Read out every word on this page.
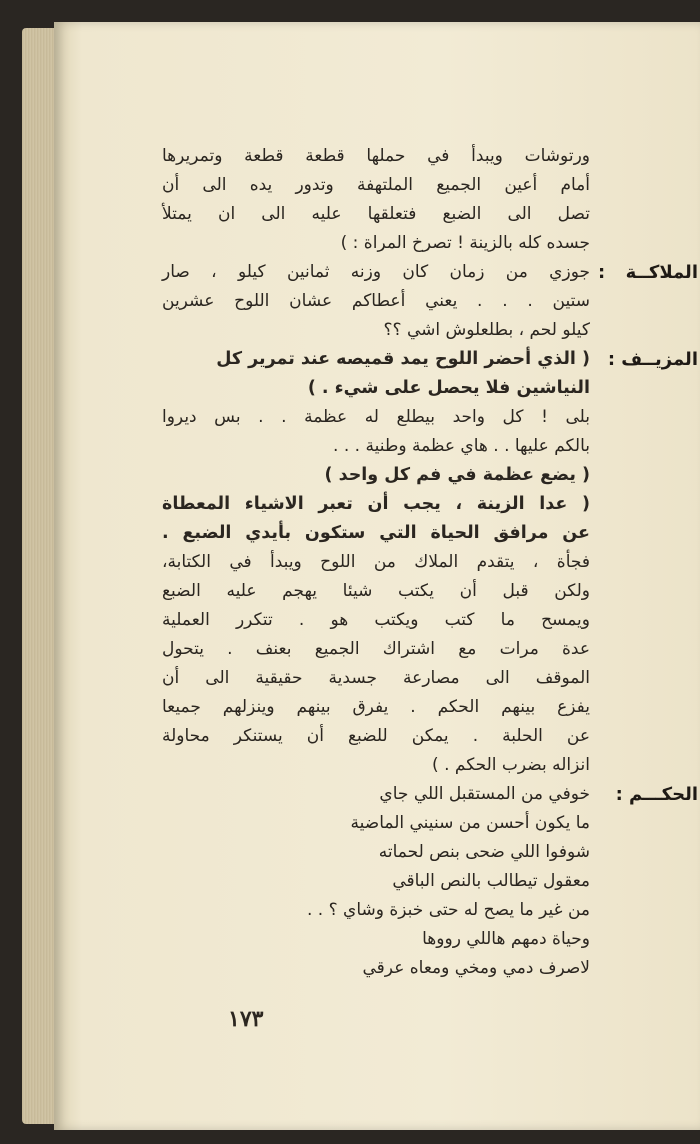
ورتوشات ويبدأ في حملها قطعة قطعة وتمريرها
أمام أعين الجميع الملتهفة وتدور يده الى أن
تصل الى الضبع فتعلقها عليه الى ان يمتلأ
جسده كله بالزينة ! تصرخ المراة : )
الملاكــة :
جوزي من زمان كان وزنه ثمانين كيلو ، صار
ستين . . . يعني أعطاكم عشان اللوح عشرين
كيلو لحم ، بطلعلوش اشي ؟؟
المزيــف :
( الذي أحضر اللوح يمد قميصه عند تمرير كل
النياشين فلا يحصل على شيء . )
بلى ! كل واحد بيطلع له عظمة . . بس ديروا
بالكم عليها . . هاي عظمة وطنية . . .
( يضع عظمة في فم كل واحد )
( عدا الزينة ، يجب أن تعبر الاشياء المعطاة
عن مرافق الحياة التي ستكون بأيدي الضبع .
فجأة ، يتقدم الملاك من اللوح ويبدأ في الكتابة،
ولكن قبل أن يكتب شيئا يهجم عليه الضبع
ويمسح ما كتب ويكتب هو . تتكرر العملية
عدة مرات مع اشتراك الجميع بعنف . يتحول
الموقف الى مصارعة جسدية حقيقية الى أن
يفزع بينهم الحكم . يفرق بينهم وينزلهم جميعا
عن الحلبة . يمكن للضبع أن يستنكر محاولة
انزاله بضرب الحكم . )
الحكـــم :
خوفي من المستقبل اللي جاي
ما يكون أحسن من سنيني الماضية
شوفوا اللي ضحى بنص لحماته
معقول تيطالب بالنص الباقي
من غير ما يصح له حتى خبزة وشاي ؟ . .
وحياة دمهم هاللي رووها
لاصرف دمي ومخي ومعاه عرقي
١٧٣
